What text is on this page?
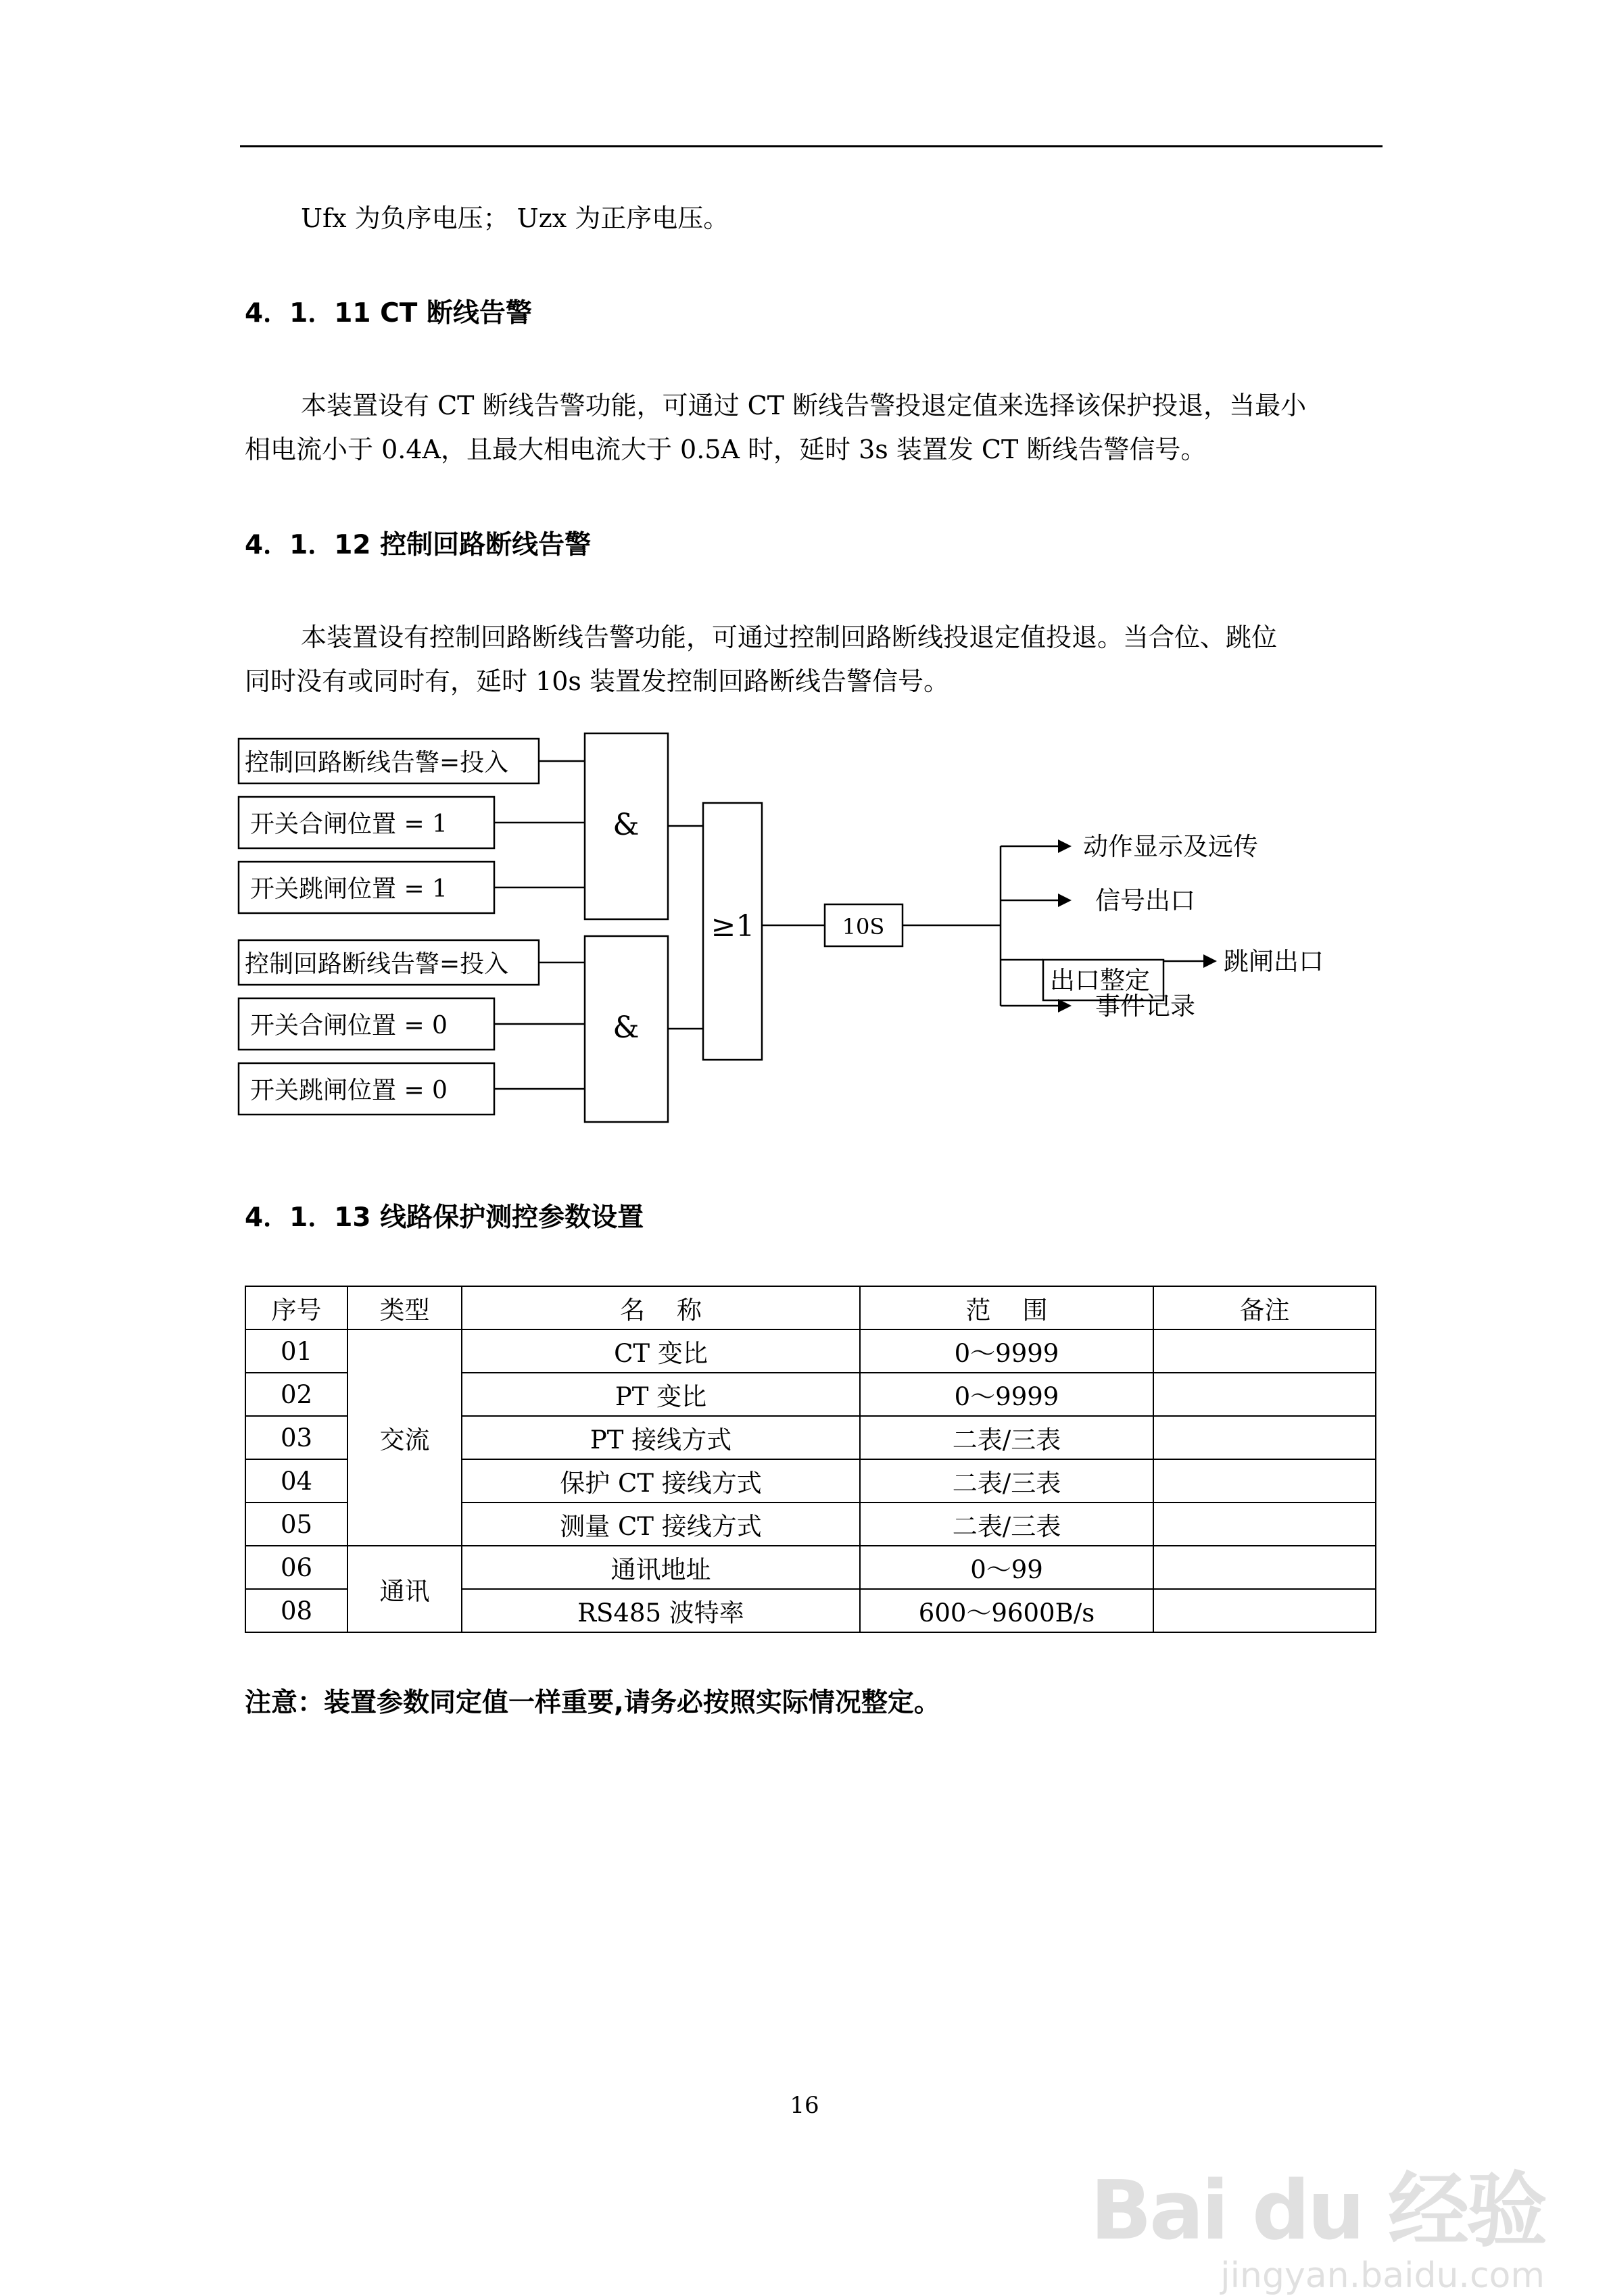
Ufx 为负序电压； Uzx 为正序电压。
4．1．11 CT 断线告警
本装置设有 CT 断线告警功能，可通过 CT 断线告警投退定值来选择该保护投退，当最小
相电流小于 0.4A，且最大相电流大于 0.5A 时，延时 3s 装置发 CT 断线告警信号。
4．1．12 控制回路断线告警
本装置设有控制回路断线告警功能，可通过控制回路断线投退定值投退。当合位、跳位
同时没有或同时有，延时 10s 装置发控制回路断线告警信号。
控制回路断线告警=投入
开关合闸位置 = 1
开关跳闸位置 = 1
控制回路断线告警=投入
开关合闸位置 = 0
开关跳闸位置 = 0
&
&
≥1	10S
动作显示及远传
信号出口
出口整定
跳闸出口
事件记录
4．1．13 线路保护测控参数设置
序号	类型	名    称	范    围	备注
01	交流	CT 变比	0～9999	
02		PT 变比	0～9999	
03		PT 接线方式	二表/三表	
04		保护 CT 接线方式	二表/三表	
05		测量 CT 接线方式	二表/三表	
06	通讯	通讯地址	0～99	
08		RS485 波特率	600～9600B/s	
注意：装置参数同定值一样重要,请务必按照实际情况整定。
16
Bai du 经验
jingyan.baidu.com
